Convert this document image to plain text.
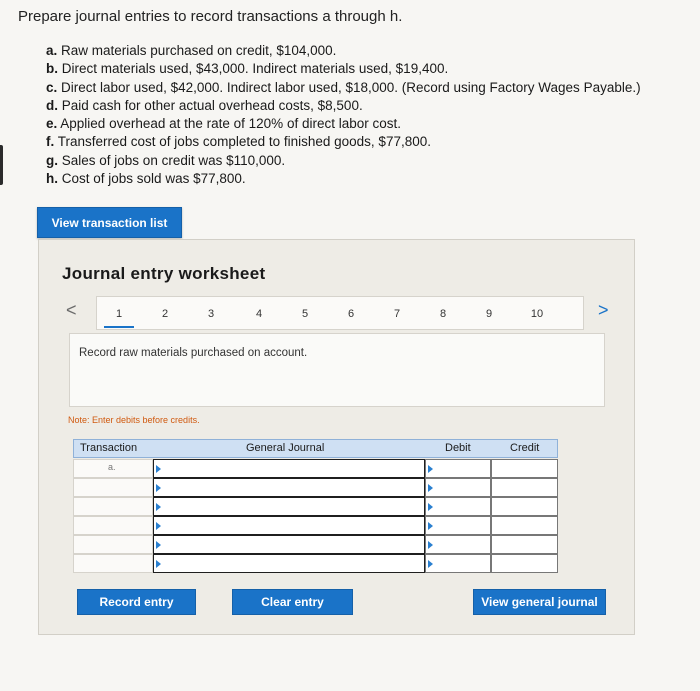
Prepare journal entries to record transactions a through h.
a. Raw materials purchased on credit, $104,000.
b. Direct materials used, $43,000. Indirect materials used, $19,400.
c. Direct labor used, $42,000. Indirect labor used, $18,000. (Record using Factory Wages Payable.)
d. Paid cash for other actual overhead costs, $8,500.
e. Applied overhead at the rate of 120% of direct labor cost.
f. Transferred cost of jobs completed to finished goods, $77,800.
g. Sales of jobs on credit was $110,000.
h. Cost of jobs sold was $77,800.
View transaction list
Journal entry worksheet
<	1	2	3	4	5	6	7	8	9	10	>
Record raw materials purchased on account.
Note: Enter debits before credits.
Transaction	General Journal	Debit	Credit
a.
Record entry	Clear entry	View general journal
